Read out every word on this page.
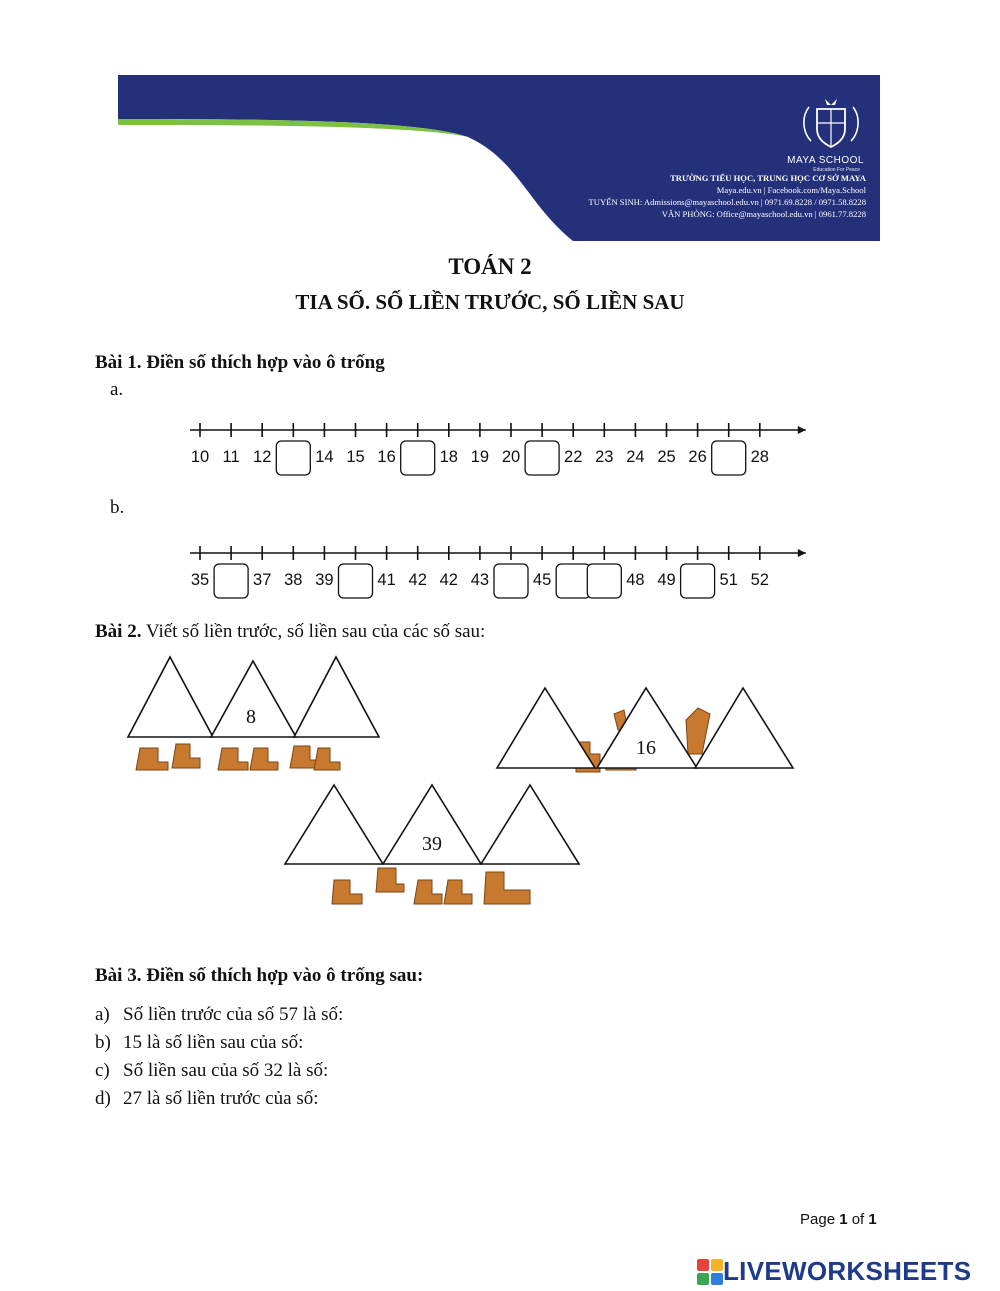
MAYA SCHOOL
Education For Peace
TRƯỜNG TIỂU HỌC, TRUNG HỌC CƠ SỞ MAYA
Maya.edu.vn | Facebook.com/Maya.School
TUYỂN SINH: Admissions@mayaschool.edu.vn | 0971.69.8228 / 0971.58.8228
VĂN PHÒNG: Office@mayaschool.edu.vn | 0961.77.8228
TOÁN 2
TIA SỐ. SỐ LIỀN TRƯỚC, SỐ LIỀN SAU
Bài 1. Điền số thích hợp vào ô trống
a.
10 11 12	14 15 16	18 19 20	22 23 24 25 26	28
b.
35	37 38 39	41 42 42 43	45	48 49	51 52
Bài 2. Viết số liền trước, số liền sau của các số sau:
8
16
39
Bài 3. Điền số thích hợp vào ô trống sau:
a) Số liền trước của số 57 là số:
b) 15 là số liền sau của số:
c) Số liền sau của số 32 là số:
d) 27 là số liền trước của số:
Page 1 of 1
LIVEWORKSHEETS
